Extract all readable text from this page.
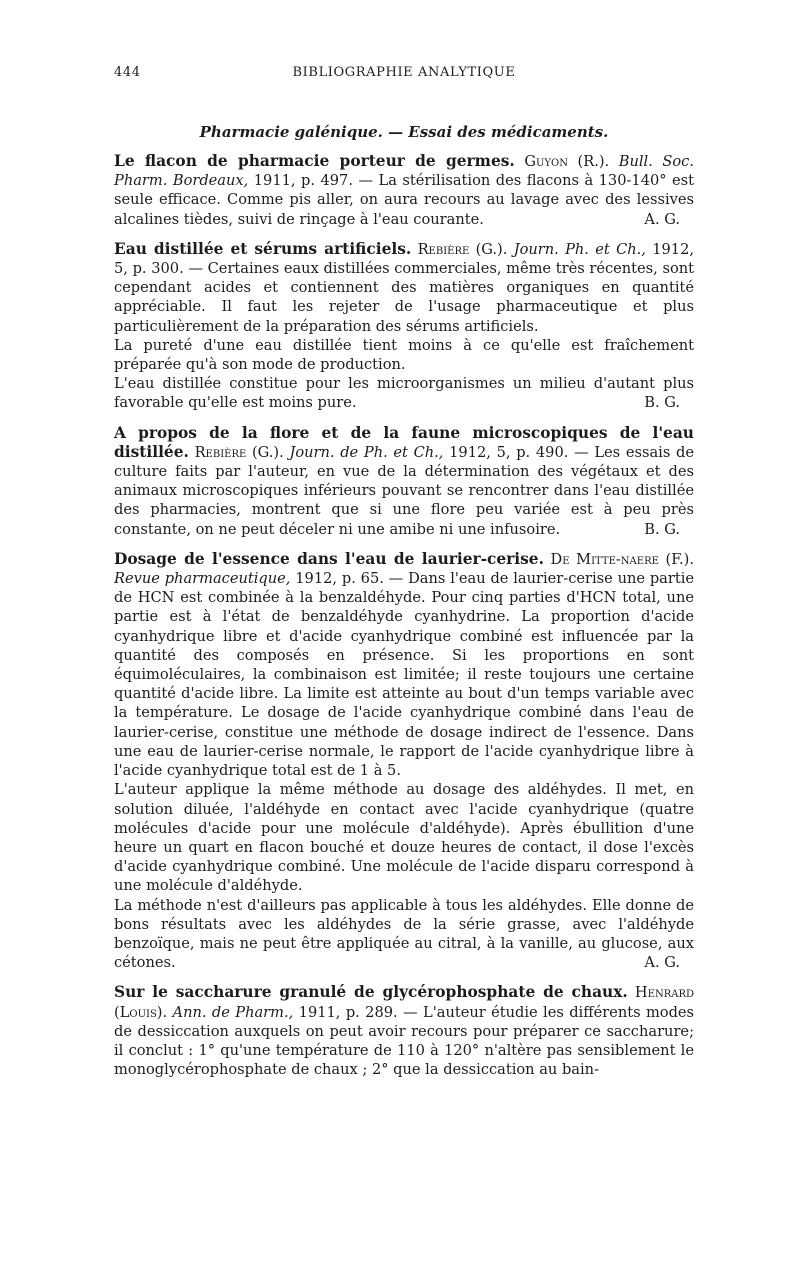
444	BIBLIOGRAPHIE ANALYTIQUE
Pharmacie galénique. — Essai des médicaments.

Le flacon de pharmacie porteur de germes. Guyon (R.). Bull. Soc. Pharm. Bordeaux, 1911, p. 497. — La stérilisation des flacons à 130-140° est seule efficace. Comme pis aller, on aura recours au lavage avec des lessives alcalines tièdes, suivi de rinçage à l'eau courante.	A. G.

Eau distillée et sérums artificiels. Rebière (G.). Journ. Ph. et Ch., 1912, 5, p. 300. — Certaines eaux distillées commerciales, même très récentes, sont cependant acides et contiennent des matières organiques en quantité appréciable. Il faut les rejeter de l'usage pharmaceutique et plus particulièrement de la préparation des sérums artificiels.

La pureté d'une eau distillée tient moins à ce qu'elle est fraîchement préparée qu'à son mode de production.

L'eau distillée constitue pour les microorganismes un milieu d'autant plus favorable qu'elle est moins pure.	B. G.

A propos de la flore et de la faune microscopiques de l'eau distillée. Rebière (G.). Journ. de Ph. et Ch., 1912, 5, p. 490. — Les essais de culture faits par l'auteur, en vue de la détermination des végétaux et des animaux microscopiques inférieurs pouvant se rencontrer dans l'eau distillée des pharmacies, montrent que si une flore peu variée est à peu près constante, on ne peut déceler ni une amibe ni une infusoire.	B. G.

Dosage de l'essence dans l'eau de laurier-cerise. De Mitte-naere (F.). Revue pharmaceutique, 1912, p. 65. — Dans l'eau de laurier-cerise une partie de HCN est combinée à la benzaldéhyde. Pour cinq parties d'HCN total, une partie est à l'état de benzaldéhyde cyanhydrine. La proportion d'acide cyanhydrique libre et d'acide cyanhydrique combiné est influencée par la quantité des composés en présence. Si les proportions en sont équimoléculaires, la combinaison est limitée; il reste toujours une certaine quantité d'acide libre. La limite est atteinte au bout d'un temps variable avec la température. Le dosage de l'acide cyanhydrique combiné dans l'eau de laurier-cerise, constitue une méthode de dosage indirect de l'essence. Dans une eau de laurier-cerise normale, le rapport de l'acide cyanhydrique libre à l'acide cyanhydrique total est de 1 à 5.

L'auteur applique la même méthode au dosage des aldéhydes. Il met, en solution diluée, l'aldéhyde en contact avec l'acide cyanhydrique (quatre molécules d'acide pour une molécule d'aldéhyde). Après ébullition d'une heure un quart en flacon bouché et douze heures de contact, il dose l'excès d'acide cyanhydrique combiné. Une molécule de l'acide disparu correspond à une molécule d'aldéhyde.

La méthode n'est d'ailleurs pas applicable à tous les aldéhydes. Elle donne de bons résultats avec les aldéhydes de la série grasse, avec l'aldéhyde benzoïque, mais ne peut être appliquée au citral, à la vanille, au glucose, aux cétones.	A. G.

Sur le saccharure granulé de glycérophosphate de chaux. Henrard (Louis). Ann. de Pharm., 1911, p. 289. — L'auteur étudie les différents modes de dessiccation auxquels on peut avoir recours pour préparer ce saccharure; il conclut : 1° qu'une température de 110 à 120° n'altère pas sensiblement le monoglycérophosphate de chaux ; 2° que la dessiccation au bain-
